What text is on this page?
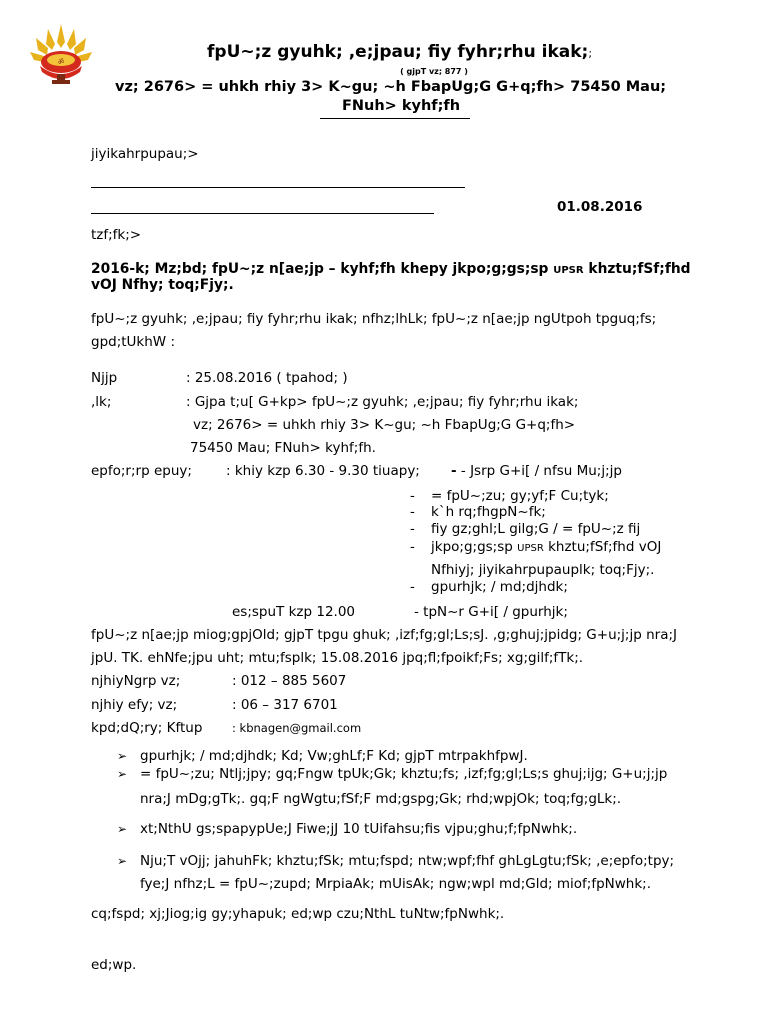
ॐ	fpU~;z gyuhk; ,e;jpau; fiy fyhr;rhu ikak;;
( gjpT vz; 877 )
vz; 2676> = uhkh rhiy 3> K~gu; ~h FbapUg;G G+q;fh> 75450 Mau;
FNuh> kyhf;fh
jiyikahrpupau;>
01.08.2016
tzf;fk;>
2016-k; Mz;bd; fpU~;z n[ae;jp – kyhf;fh khepy jkpo;g;gs;sp UPSR khztu;fSf;fhd
vOJ Nfhy; toq;Fjy;.
fpU~;z gyuhk; ,e;jpau; fiy fyhr;rhu ikak; nfhz;lhLk; fpU~;z n[ae;jp ngUtpoh tpguq;fs;
gpd;tUkhW :
Njjp	: 25.08.2016 ( tpahod; )
,lk;	: Gjpa t;u[ G+kp> fpU~;z gyuhk; ,e;jpau; fiy fyhr;rhu ikak;
vz; 2676> = uhkh rhiy 3> K~gu; ~h FbapUg;G G+q;fh>
75450 Mau; FNuh> kyhf;fh.
epfo;r;rp epuy;	: khiy kzp 6.30 - 9.30 tiuapy; - - Jsrp G+i[ / nfsu Mu;j;jp
- = fpU~;zu; gy;yf;F Cu;tyk;
- k`h rq;fhgpN~fk;
- fiy gz;ghl;L gilg;G / = fpU~;z fij
- jkpo;g;gs;sp UPSR khztu;fSf;fhd vOJ
Nfhiyj; jiyikahrpupauplk; toq;Fjy;.
- gpurhjk; / md;djhdk;
es;spuT kzp 12.00	- tpN~r G+i[ / gpurhjk;
fpU~;z n[ae;jp miog;gpjOld; gjpT tpgu ghuk; ,izf;fg;gl;Ls;sJ. ,g;ghuj;jpidg; G+u;j;jp nra;J
jpU. TK. ehNfe;jpu uht; mtu;fsplk; 15.08.2016 jpq;fl;fpoikf;Fs; xg;gilf;fTk;.
njhiyNgrp vz;	: 012 – 885 5607
njhiy efy; vz;	: 06 – 317 6701
kpd;dQ;ry; Kftup	: kbnagen@gmail.com
➢ gpurhjk; / md;djhdk; Kd; Vw;ghLf;F Kd; gjpT mtrpakhfpwJ.
➢ = fpU~;zu; Ntlj;jpy; gq;Fngw tpUk;Gk; khztu;fs; ,izf;fg;gl;Ls;s ghuj;ijg; G+u;j;jp
nra;J mDg;gTk;. gq;F ngWgtu;fSf;F md;gspg;Gk; rhd;wpjOk; toq;fg;gLk;.
➢ xt;NthU gs;spapypUe;J Fiwe;jJ 10 tUifahsu;fis vjpu;ghu;f;fpNwhk;.
➢ Nju;T vOjj; jahuhFk; khztu;fSk; mtu;fspd; ntw;wpf;fhf ghLgLgtu;fSk; ,e;epfo;tpy;
fye;J nfhz;L = fpU~;zupd; MrpiaAk; mUisAk; ngw;wpl md;Gld; miof;fpNwhk;.
cq;fspd; xj;Jiog;ig gy;yhapuk; ed;wp czu;NthL tuNtw;fpNwhk;.
ed;wp.
